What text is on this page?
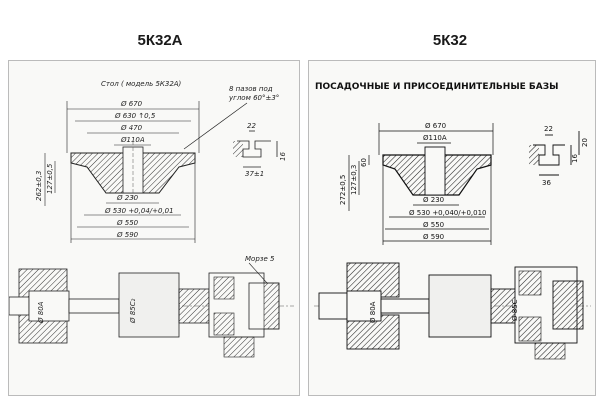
5К32А	5К32
Стол ( модель 5К32А)
8 пазов под
углом 60°±3°
Ø 670
Ø 630 ↑0,5
Ø 470
Ø110А
262±0,3 127±0,5
Ø 230
Ø 530 +0,04/+0,01
Ø 550
Ø 590
22
37±1
16
Морзе 5
Ø 80А	Ø 85С₂
ПОСАДОЧНЫЕ И ПРИСОЕДИНИТЕЛЬНЫЕ БАЗЫ
Ø 670
Ø110А
272±0,5 127±0,3
60
Ø 230
Ø 530 +0,040/+0,010
Ø 550
Ø 590
22
20
36
16
Ø 80А	Ø 85С
